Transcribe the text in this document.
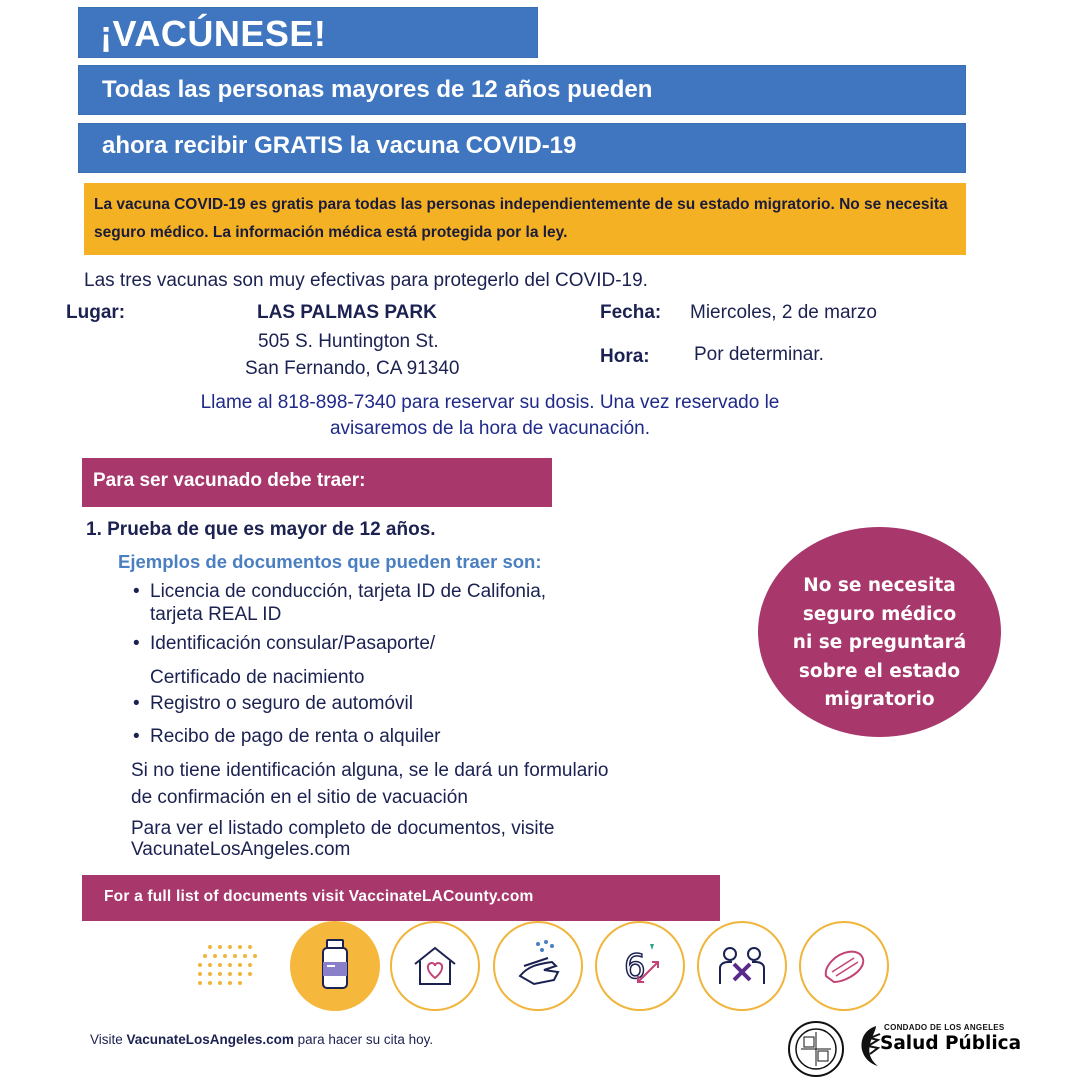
¡VACÚNESE!
Todas las personas mayores de 12 años pueden
ahora recibir GRATIS la vacuna COVID-19
La vacuna COVID-19 es gratis para todas las personas independientemente de su estado migratorio. No se necesita seguro médico. La información médica está protegida por la ley.
Las tres vacunas son muy efectivas para protegerlo del COVID-19.
Lugar:	LAS PALMAS PARK
505 S. Huntington St.
San Fernando, CA 91340
Fecha: Miercoles, 2 de marzo
Hora: Por determinar.
Llame al 818-898-7340 para reservar su dosis. Una vez reservado le
avisaremos de la hora de vacunación.
Para ser vacunado debe traer:
1. Prueba de que es mayor de 12 años.
Ejemplos de documentos que pueden traer son:
• Licencia de conducción, tarjeta ID de Califonia,
tarjeta REAL ID
• Identificación consular/Pasaporte/
Certificado de nacimiento
• Registro o seguro de automóvil
• Recibo de pago de renta o alquiler
Si no tiene identificación alguna, se le dará un formulario
de confirmación en el sitio de vacuación
Para ver el listado completo de documentos, visite
VacunateLosAngeles.com
No se necesita
seguro médico
ni se preguntará
sobre el estado
migratorio
For a full list of documents visit VaccinateLACounty.com
6
Visite VacunateLosAngeles.com para hacer su cita hoy.
CONDADO DE LOS ANGELES
Salud Pública
